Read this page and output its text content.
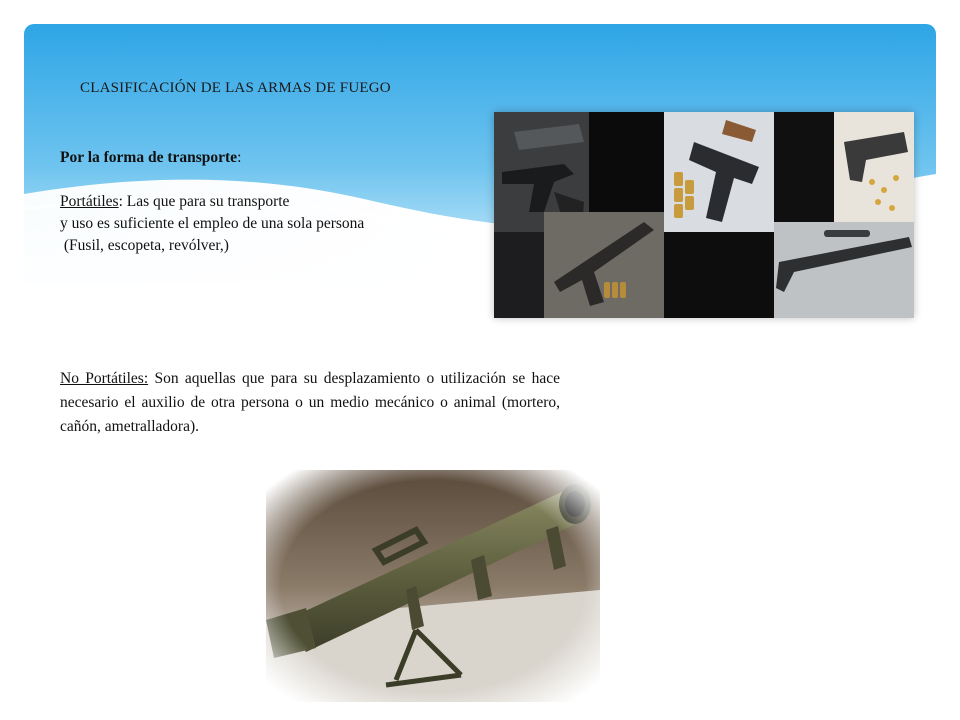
CLASIFICACIÓN DE LAS ARMAS DE FUEGO
Por la forma de transporte:
Portátiles: Las que para su transporte
y uso es suficiente el empleo de una sola persona
(Fusil, escopeta, revólver,)
No Portátiles: Son aquellas que para su desplazamiento o utilización se hace necesario el auxilio de otra persona o un medio mecánico o animal (mortero, cañón, ametralladora).
